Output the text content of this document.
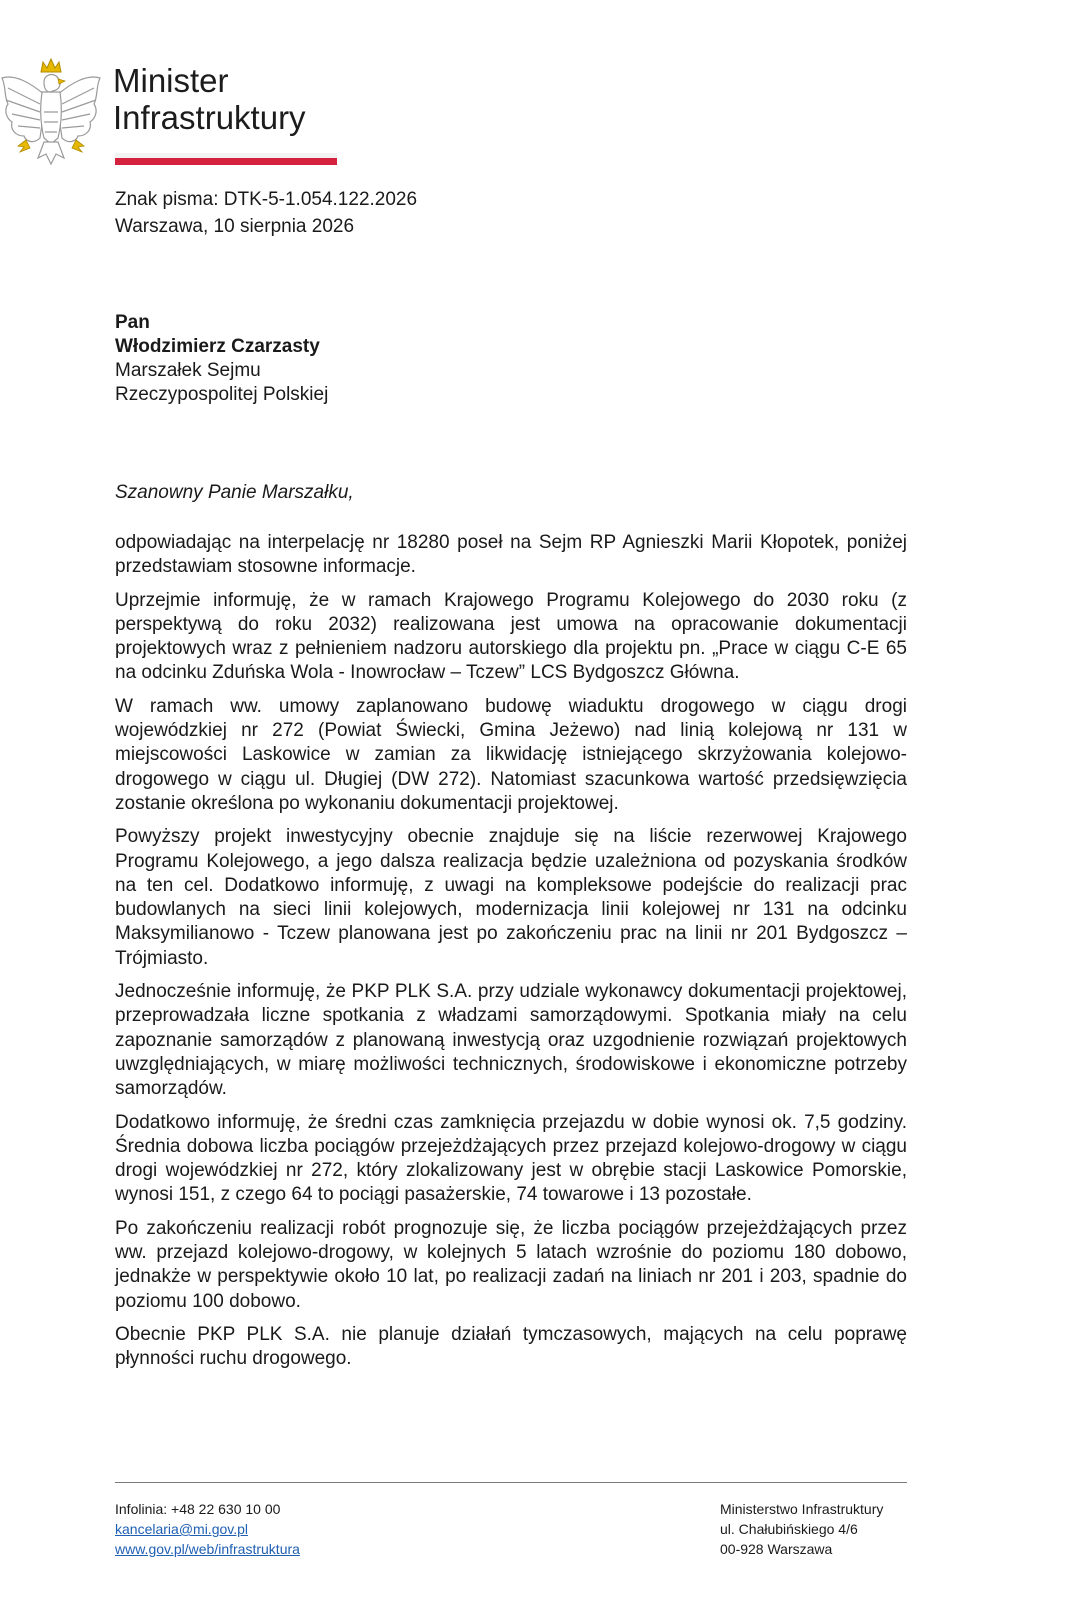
Minister
Infrastruktury
Znak pisma: DTK-5-1.054.122.2026
Warszawa, 10 sierpnia 2026
Pan
Włodzimierz Czarzasty
Marszałek Sejmu
Rzeczypospolitej Polskiej
Szanowny Panie Marszałku,

odpowiadając na interpelację nr 18280 poseł na Sejm RP Agnieszki Marii Kłopotek, poniżej przedstawiam stosowne informacje.

Uprzejmie informuję, że w ramach Krajowego Programu Kolejowego do 2030 roku (z perspektywą do roku 2032) realizowana jest umowa na opracowanie dokumentacji projektowych wraz z pełnieniem nadzoru autorskiego dla projektu pn. „Prace w ciągu C-E 65 na odcinku Zduńska Wola - Inowrocław – Tczew” LCS Bydgoszcz Główna.

W ramach ww. umowy zaplanowano budowę wiaduktu drogowego w ciągu drogi wojewódzkiej nr 272 (Powiat Świecki, Gmina Jeżewo) nad linią kolejową nr 131 w miejscowości Laskowice w zamian za likwidację istniejącego skrzyżowania kolejowo-drogowego w ciągu ul. Długiej (DW 272). Natomiast szacunkowa wartość przedsięwzięcia zostanie określona po wykonaniu dokumentacji projektowej.

Powyższy projekt inwestycyjny obecnie znajduje się na liście rezerwowej Krajowego Programu Kolejowego, a jego dalsza realizacja będzie uzależniona od pozyskania środków na ten cel. Dodatkowo informuję, z uwagi na kompleksowe podejście do realizacji prac budowlanych na sieci linii kolejowych, modernizacja linii kolejowej nr 131 na odcinku Maksymilianowo - Tczew planowana jest po zakończeniu prac na linii nr 201 Bydgoszcz – Trójmiasto.

Jednocześnie informuję, że PKP PLK S.A. przy udziale wykonawcy dokumentacji projektowej, przeprowadzała liczne spotkania z władzami samorządowymi. Spotkania miały na celu zapoznanie samorządów z planowaną inwestycją oraz uzgodnienie rozwiązań projektowych uwzględniających, w miarę możliwości technicznych, środowiskowe i ekonomiczne potrzeby samorządów.

Dodatkowo informuję, że średni czas zamknięcia przejazdu w dobie wynosi ok. 7,5 godziny. Średnia dobowa liczba pociągów przejeżdżających przez przejazd kolejowo-drogowy w ciągu drogi wojewódzkiej nr 272, który zlokalizowany jest w obrębie stacji Laskowice Pomorskie, wynosi 151, z czego 64 to pociągi pasażerskie, 74 towarowe i 13 pozostałe.

Po zakończeniu realizacji robót prognozuje się, że liczba pociągów przejeżdżających przez ww. przejazd kolejowo-drogowy, w kolejnych 5 latach wzrośnie do poziomu 180 dobowo, jednakże w perspektywie około 10 lat, po realizacji zadań na liniach nr 201 i 203, spadnie do poziomu 100 dobowo.

Obecnie PKP PLK S.A. nie planuje działań tymczasowych, mających na celu poprawę płynności ruchu drogowego.

Infolinia: +48 22 630 10 00
kancelaria@mi.gov.pl
www.gov.pl/web/infrastruktura
Ministerstwo Infrastruktury
ul. Chałubińskiego 4/6
00-928 Warszawa
